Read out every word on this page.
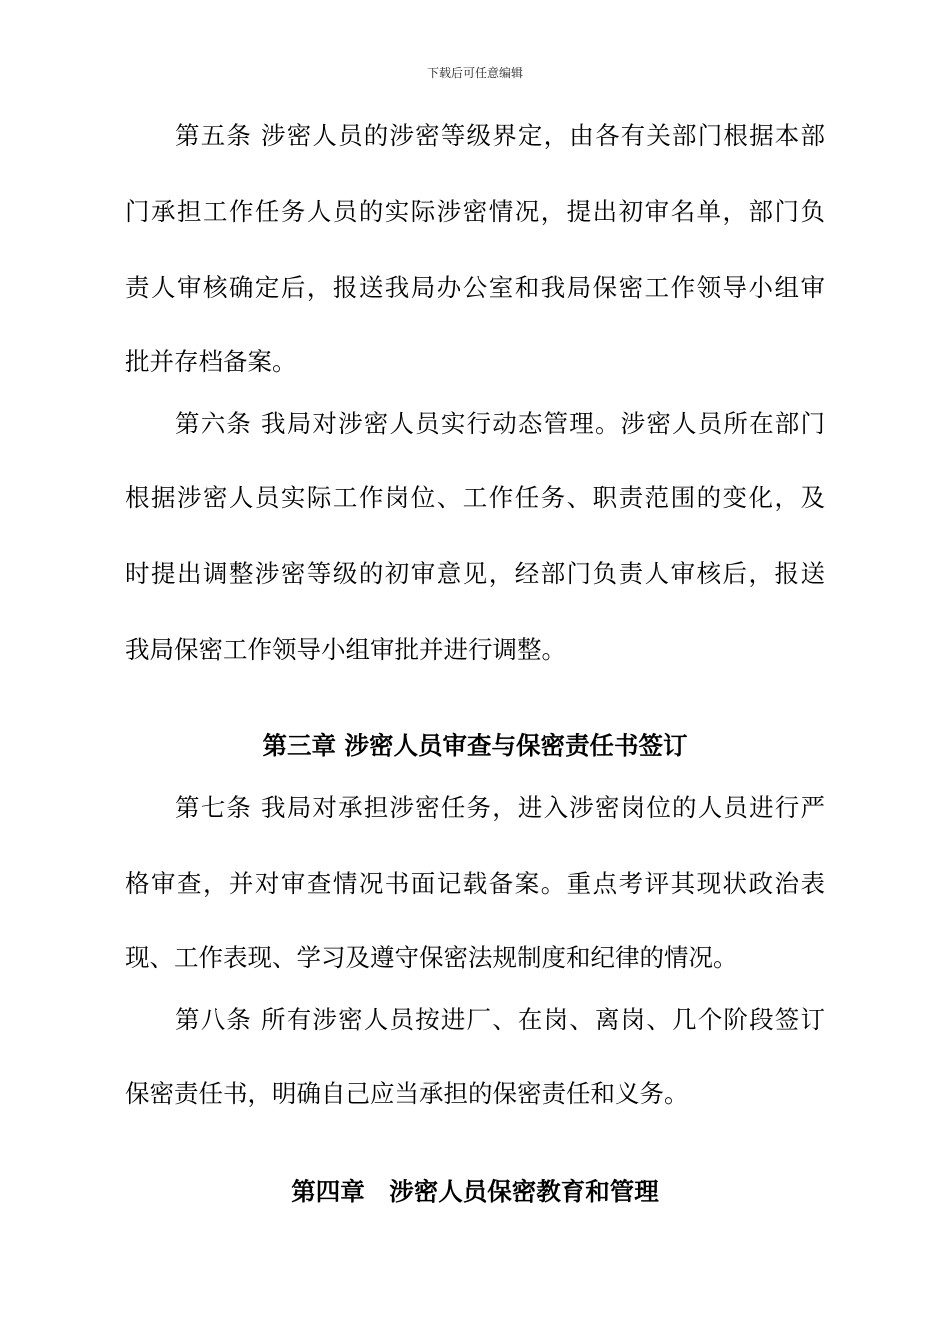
下载后可任意编辑
第五条 涉密人员的涉密等级界定，由各有关部门根据本部
门承担工作任务人员的实际涉密情况，提出初审名单，部门负
责人审核确定后，报送我局办公室和我局保密工作领导小组审
批并存档备案。
第六条 我局对涉密人员实行动态管理。涉密人员所在部门
根据涉密人员实际工作岗位、工作任务、职责范围的变化，及
时提出调整涉密等级的初审意见，经部门负责人审核后，报送
我局保密工作领导小组审批并进行调整。
第三章 涉密人员审查与保密责任书签订
第七条 我局对承担涉密任务，进入涉密岗位的人员进行严
格审查，并对审查情况书面记载备案。重点考评其现状政治表
现、工作表现、学习及遵守保密法规制度和纪律的情况。
第八条 所有涉密人员按进厂、在岗、离岗、几个阶段签订
保密责任书，明确自己应当承担的保密责任和义务。
第四章　涉密人员保密教育和管理
